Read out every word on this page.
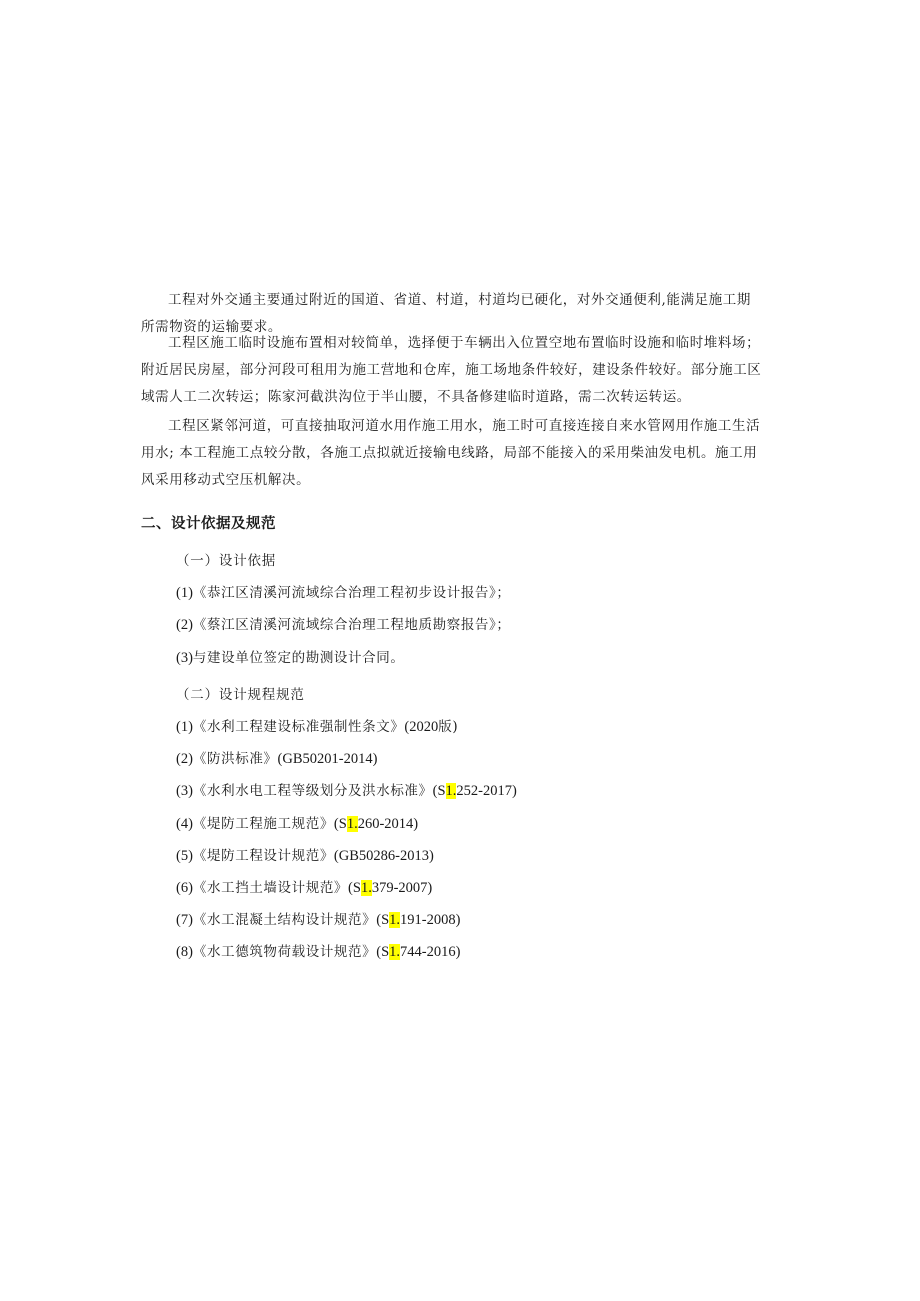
工程对外交通主要通过附近的国道、省道、村道，村道均已硬化，对外交通便利,能满足施工期
所需物资的运输要求。

工程区施工临时设施布置相对较简单，选择便于车辆出入位置空地布置临时设施和临时堆料场；
附近居民房屋，部分河段可租用为施工营地和仓库，施工场地条件较好，建设条件较好。部分施工区
域需人工二次转运；陈家河截洪沟位于半山腰，不具备修建临时道路，需二次转运转运。

工程区紧邻河道，可直接抽取河道水用作施工用水，施工时可直接连接自来水管网用作施工生活
用水; 本工程施工点较分散，各施工点拟就近接输电线路，局部不能接入的采用柴油发电机。施工用
风采用移动式空压机解决。

二、设计依据及规范

（一）设计依据

(1)《恭江区清溪河流域综合治理工程初步设计报告》；

(2)《蔡江区清溪河流域综合治理工程地质勘察报告》；

(3)与建设单位签定的勘测设计合同。

（二）设计规程规范

(1)《水利工程建设标准强制性条文》(2020版)

(2)《防洪标准》(GB50201-2014)

(3)《水利水电工程等级划分及洪水标准》(S1.252-2017)

(4)《堤防工程施工规范》(S1.260-2014)

(5)《堤防工程设计规范》(GB50286-2013)

(6)《水工挡土墙设计规范》(S1.379-2007)

(7)《水工混凝土结构设计规范》(S1.191-2008)

(8)《水工德筑物荷载设计规范》(S1.744-2016)
